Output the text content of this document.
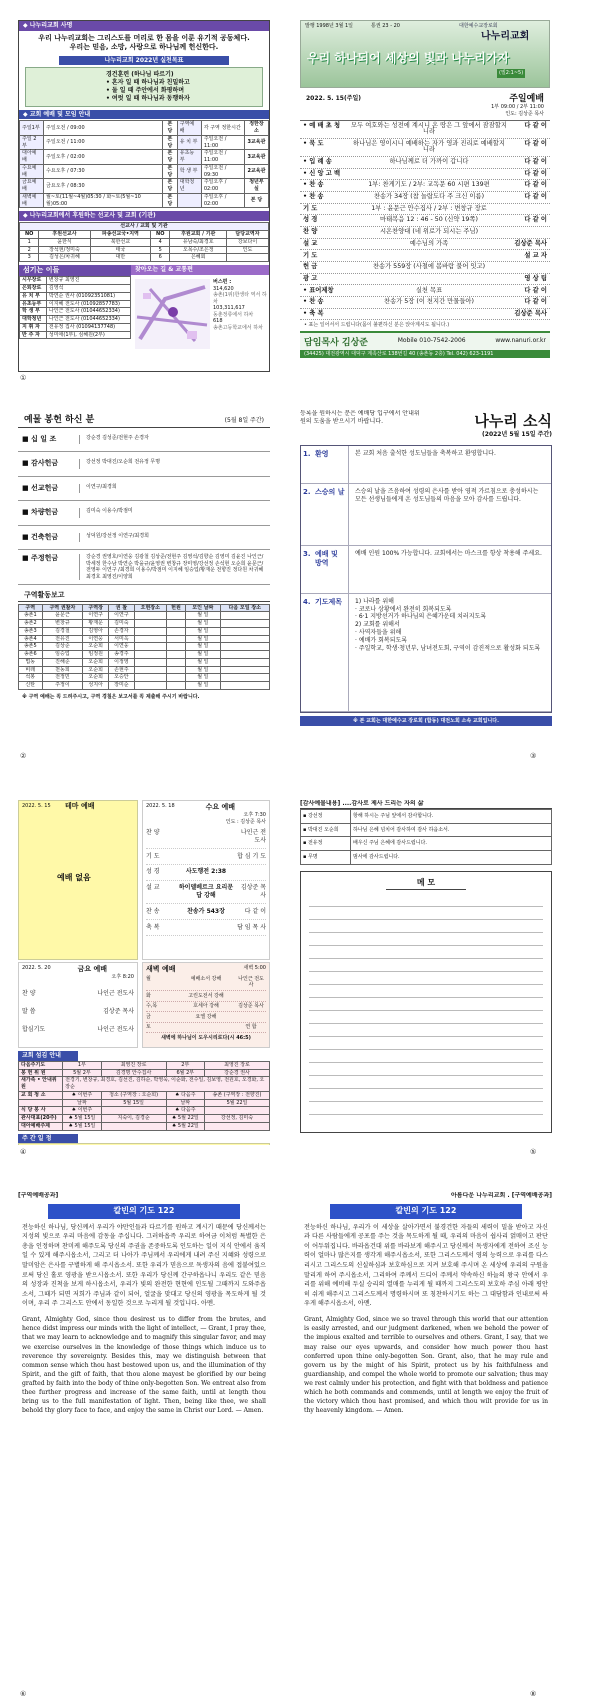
◆ 나누리교회 사명
우리 나누리교회는 그리스도를 머리로 한 몸을 이룬 유기적 공동체다.
우리는 믿음, 소망, 사랑으로 하나님께 헌신한다.
나누리교회 2022년 실천목표
경건훈련 (하나님 따르기)
• 혼자 일 때 하나님과 친밀하고
• 둘 일 때 주안에서 화평하며
• 여럿 일 때 하나님과 동행하자
◆ 교회 예배 및 모임 안내
주일1부	주일오전 / 09:00	본당	구역예배	각 구역 정한시간	정한장소
주일 2부	주일오전 / 11:00	본당	유 치 부	주일오전 / 11:00	3교육관
대아예배	주일오후 / 02:00	본당	유초등부	주일오전 / 11:00	3교육관
수요예배	수요오후 / 07:30	본당	학 생 부	주일오전 / 09:30	2교육관
금요예배	금요오후 / 08:30	본당	대학청년	주일오후 / 02:00	청년부실
새벽예배	월~토(11월~4월)05:30 / 화~토(5월~10월)05:00	본당		주일오후 / 02:00	본 당
◆ 나누리교회에서 후원하는 선교사 및 교회 (기관)
선교사 / 교회 및 기관					
NO	후원선교사	파송선교국•지역	NO	후원교회 / 기관	담당교역자
1	윤한식	북한선교	4	유남숙/최경호	강보다이
2	장석현/정미숙	태국	5	오목수/조은정	인도
3	김성은/차귀혜	대만	6	은혜회	
섬기는 이들
시무장로	변창규 최영진
은퇴장로	김영석
유 치 부	박연순 권사 (01092351081)
유초등부	이지혜 전도사 (01092857783)
학 생 부	나인근 전도사 (01044652334)
대학청년	나인근 전도사 (01044652334)
지 휘 자	전유정 집사 (01094137748)
반 주 자	성미애(1부), 심혜원(2부)
찾아오는 길 & 교통편
버스편 :
314,620
송촌(1위)한생타 역서 하차
103,311,617
동춘정류에서 하차
618
송촌고등학교에서 하차
①
발행 1998년 3월 1일	통권 23 - 20	대한예수교장로회
나누리교회
우리 하나되어 세상의 빛과 나누리가자
(빌2:1~5)
2022. 5. 15(주일)	주일예배
1부 09:00 / 2부 11:00
인도: 김상준 목사
• 예 배 초 청	모두 여호와는 성전에 계시니 온 땅은 그 앞에서 잠잠할지니라
다 같 이
• 묵 도	하나님은 영이시니 예배하는 자가 영과 진리로 예배할지니라
다 같 이
• 입 례 송	하나님께로 더 가까이 갑니다	다 같 이
• 신 앙 고 백	다 같 이
• 찬 송	1부: 찬게기도 / 2부: 교독문 60 시편 139편	다 같 이
• 찬 송	찬송가 34장 (참 놀랍도다 주 크신 이름)	다 같 이
기 도	1부 : 윤문근 안수집사 / 2부 : 변창규 장로
성 경	마태복음 12 : 46 - 50 (신약 19쪽)	다 같 이
찬 양	시온찬양대 (네 위로가 되시는 주님)
설 교	예수님의 가족	김상준 목사
기 도	설 교 자
헌 금	찬송가 559장 (사철에 봄바람 불어 잇고)
광 고	영 상 팀
• 표어제창	실천 목표	다 같 이
• 찬 송	찬송가 5장 (이 천지간 만물들아)	다 같 이
• 축 복	김상준 목사
• 표는 일어서서 드립니다(몸이 불편하신 분은 앉아계셔도 됩니다.)
담임목사 김상준	Mobile 010-7542-2006	www.nanuri.or.kr
(34425) 대전광역시 대덕구 계족산로 138번길 40 (송촌동 2층) Tel. 042) 623-1191
예물 봉헌 하신 분	(5월 8일 주간)
■ 십 일 조	강순경 김성준/전현주 손경자
■ 감사헌금	강선정 박대진/오순희 전유정 무명
■ 선교헌금	이연구/최경희
■ 차량헌금	김미숙 이용수/박점미
■ 건축헌금	성덕원/강선정 이연구/최경희
■ 주정헌금	강순경 권영호/이연웅 김광철 김상준/전현주 김영석/김향순 김영미 김윤진 나인근/박세정 한수남 박연순 박을규/윤영권 변창규 장미영/강선정 손석현 오순희 윤문근/전영두 이연구 /최경희 이용수/박점미 이지혜 임승업/황재운 전향진 정다원 차귀혜 최경호 최영진/이양희
구역활동보고
구역	구역 권찰자	구역장	권 찰	오현장소	헌원	모인 날짜	다음 모일 장소
송촌1	윤문근	이연구	이연구			월 일	
송촌2	변창규	황재운	김미숙			월 일	
송촌3	김경철	김영아	손경자			월 일	
송촌4	전유진	이연웅	서미옥			월 일	
송촌5	김상준	오순희	이연웅			월 일	
송촌6	임승업	임정원	송경주			월 일	
법동	진해준	오순희	이정영			월 일	
비래	천동희	오순희	손현주			월 일	
석봉	전정민	오순희	오승안			월 일	
신탄	주정이	성지아	장미순			월 일	
※ 구역 예배는 꼭 드려주시고, 구역 경칠은 보고서를 꼭 제출해 주시기 바랍니다.
②
등록을 원하시는 분은 예배당 입구에서 안내위원의 도움을 받으시기 바랍니다.	나누리 소식
(2022년 5월 15일 주간)
1. 환영	본 교회 처음 출석한 성도님들을 축복하고 환영합니다.
2. 스승의 날	스승의 날을 즈음하여 성령의 은사를 받아 영적 가르침으로 충성하시는 모든 선생님들에게 온 성도님들의 마음을 모아 감사를 드립니다.
3. 예배 및 방역
예배 인원 100% 가능합니다. 교회에서는 마스크를 항상 착용해 주세요.
4. 기도제목	1) 나라를 위해
· 코로나 상황에서 완전히 회복되도록
· 6·1 지방선거가 하나님의 은혜가운데 치러지도록
2) 교회를 위해서
· 사역자들을 위해
· 예배가 회복되도록
· 주일학교, 학생·청년부, 남녀전도회, 구역이 감진적으로 활성화 되도록
※ 본 교회는 대한예수교 장로회 (합동) 대전노회 소속 교회입니다.
③
2022. 5. 15 테마 예배
예배 없음
2022. 5. 20	금요 예배
오후 8:20
찬 양	나인근 전도사
말 씀	김상준 목사
합심기도	나인근 전도사
2022. 5. 18	수요 예배
오후 7:30
인도 : 김상준 목사
찬 양	나인근 전도사
기 도	합 심 기 도
성 경	사도행전 2:38
설 교	하이델베르크 요리문답 강해
김상준 목사
찬 송	찬송가 543장	다 같 이
축 복	담 임 목 사
새벽 예배	새벽 5:00
월	예배소서 강해	나인근 전도사
화	고린도전서 강해
수,목	호세아 강해	김상준 목사
금	요엘 강해
토	연 합
새벽에 하나님이 도우시리로다(시 46:5)
교회 섬김 안내
다음주기도	1부	최영진 장로	2부	최영진 장로
봉 헌 위 원	5월 2부	김경명 안수집사	6월 2부	강순경 권사
새가족 • 안내위원	전경기, 변창규, 최경호, 김선진, 김하순, 박영욱, 이순화, 전수일, 김보영, 전원호, 오경화, 오장순			
교 회 청 소	♠ 이번주	청소 (구역장 : 오순희)	♠ 다음주	송촌 (구역장 : 전향진)
	날짜	5월 15일	날짜	5월 22일
식 당 봉 사	♠ 이번주		♠ 다음주	
관사대표(20주)	♠ 5월 15일	지숙이, 김경순	♠ 5월 22일	강선정, 김미숙
대아예배주제	♠ 5월 15일		♠ 5월 22일	
주 간 일 정
④
[감사예물내용] ....감사로 제사 드리는 자의 삶
▪ 강선정	항해 하시는 주님 앞에서 감사합니다.
▪ 박대진 오순희	하나님 은혜 넘치어 감사하여 감사 하옵소서.
▪ 전유정	배우신 주님 은혜에 감사드립니다.
▪ 무명	범사에 감사드립니다.
메 모
⑤
[구역예배공과]
칼빈의 기도 122
전능하신 하나님, 당신께서 우리가 야만인들과 다르기를 원하고 계시기 때문에 당신께서는 지성의 빛으로 우리 마음에 감동을 주십니다. 그러하옵즉 우리로 하여금 이처럼 특별한 은총을 인정하며 찬미케 해주도록 당신의 주권을 존중하도록 인도하는 일이 지식 안에서 움직일 수 있게 해주시옵소서, 그리고 더 나아가 주님께서 우리에게 내려 주신 지혜와 성령으로 말미암은 은사를 구별하게 해 주시옵소서. 또한 우리가 믿음으로 독생자의 음에 접붙여있으로써 당신 홀로 영광을 받으시옵소서. 또한 우리가 당신께 간구하옵나니 우리도 같은 믿음의 성장과 진척을 보게 하시옵소서, 우리가 빛의 완전한 현현에 인도될 그때까지 도와주옵소서, 그때가 되면 저희가 주님과 같이 되어, 얼굴을 맞대고 당신의 영광을 목도하게 될 것이며, 우리 주 그리스도 안에서 동일한 것으로 누리게 될 것입니다. 아멘.
Grant, Almighty God, since thou desirest us to differ from the brutes, and hence didst impress our minds with the light of intellect, — Grant, I pray thee, that we may learn to acknowledge and to magnify this singular favor, and may we exercise ourselves in the knowledge of those things which induce us to reverence thy sovereignty. Besides this, may we distinguish between that common sense which thou hast bestowed upon us, and the illumination of thy Spirit, and the gift of faith, that thou alone mayest be glorified by our being grafted by faith into the body of thine only-begotten Son. We entreat also from thee further progress and increase of the same faith, until at length thou bring us to the full manifestation of light. Then, being like thee, we shall behold thy glory face to face, and enjoy the same in Christ our Lord. — Amen.
⑥
아름다운 나누리교회 . [구역예배공과]
칼빈의 기도 122
전능하신 하나님, 우리가 이 세상을 살아가면서 불경건한 자들의 세력이 밀을 받아고 자신과 다른 사람들에게 공포를 주는 것을 목도하게 될 때, 우리의 마음이 쉽사리 얽매이고 판단이 어두워집니다. 바라옵건대 위를 바라보게 해주시고 당신께서 독생자에게 전하여 조신 능력이 얼마나 많은지를 생각게 해주시옵소서, 또한 그리스도께서 영의 능력으로 우리를 다스리시고 그리스도의 신실하심과 보호하심으로 지켜 보호해 주시며 온 세상에 우리의 구원을 말리게 하여 주시옵소서, 그리하여 주께서 드디어 주께서 약속하신 하늘의 왕국 안에서 우리를 위해 예비해 두실 승리의 열매를 누리게 될 때까지 그리스도의 보호하 주심 아래 평안히 쉬게 해주시고 그리스도께서 명령하시며 또 칭찬하시기도 하는 그 대담함과 인내로써 싸우게 해주시옵소서, 아멘.
Grant, Almighty God, since we so travel through this world that our attention is easily arrested, and our judgment darkened, when we behold the power of the impious exalted and terrible to ourselves and others. Grant, I say, that we may raise our eyes upwards, and consider how much power thou hast conferred upon thine only-begotten Son. Grant, also, that he may rule and govern us by the might of his Spirit, protect us by his faithfulness and guardianship, and compel the whole world to promote our salvation; thus may we rest calmly under his protection, and fight with that boldness and patience which he both commands and commends, until at length we enjoy the fruit of the victory which thou hast promised, and which thou wilt provide for us in thy heavenly kingdom. — Amen.
⑧
